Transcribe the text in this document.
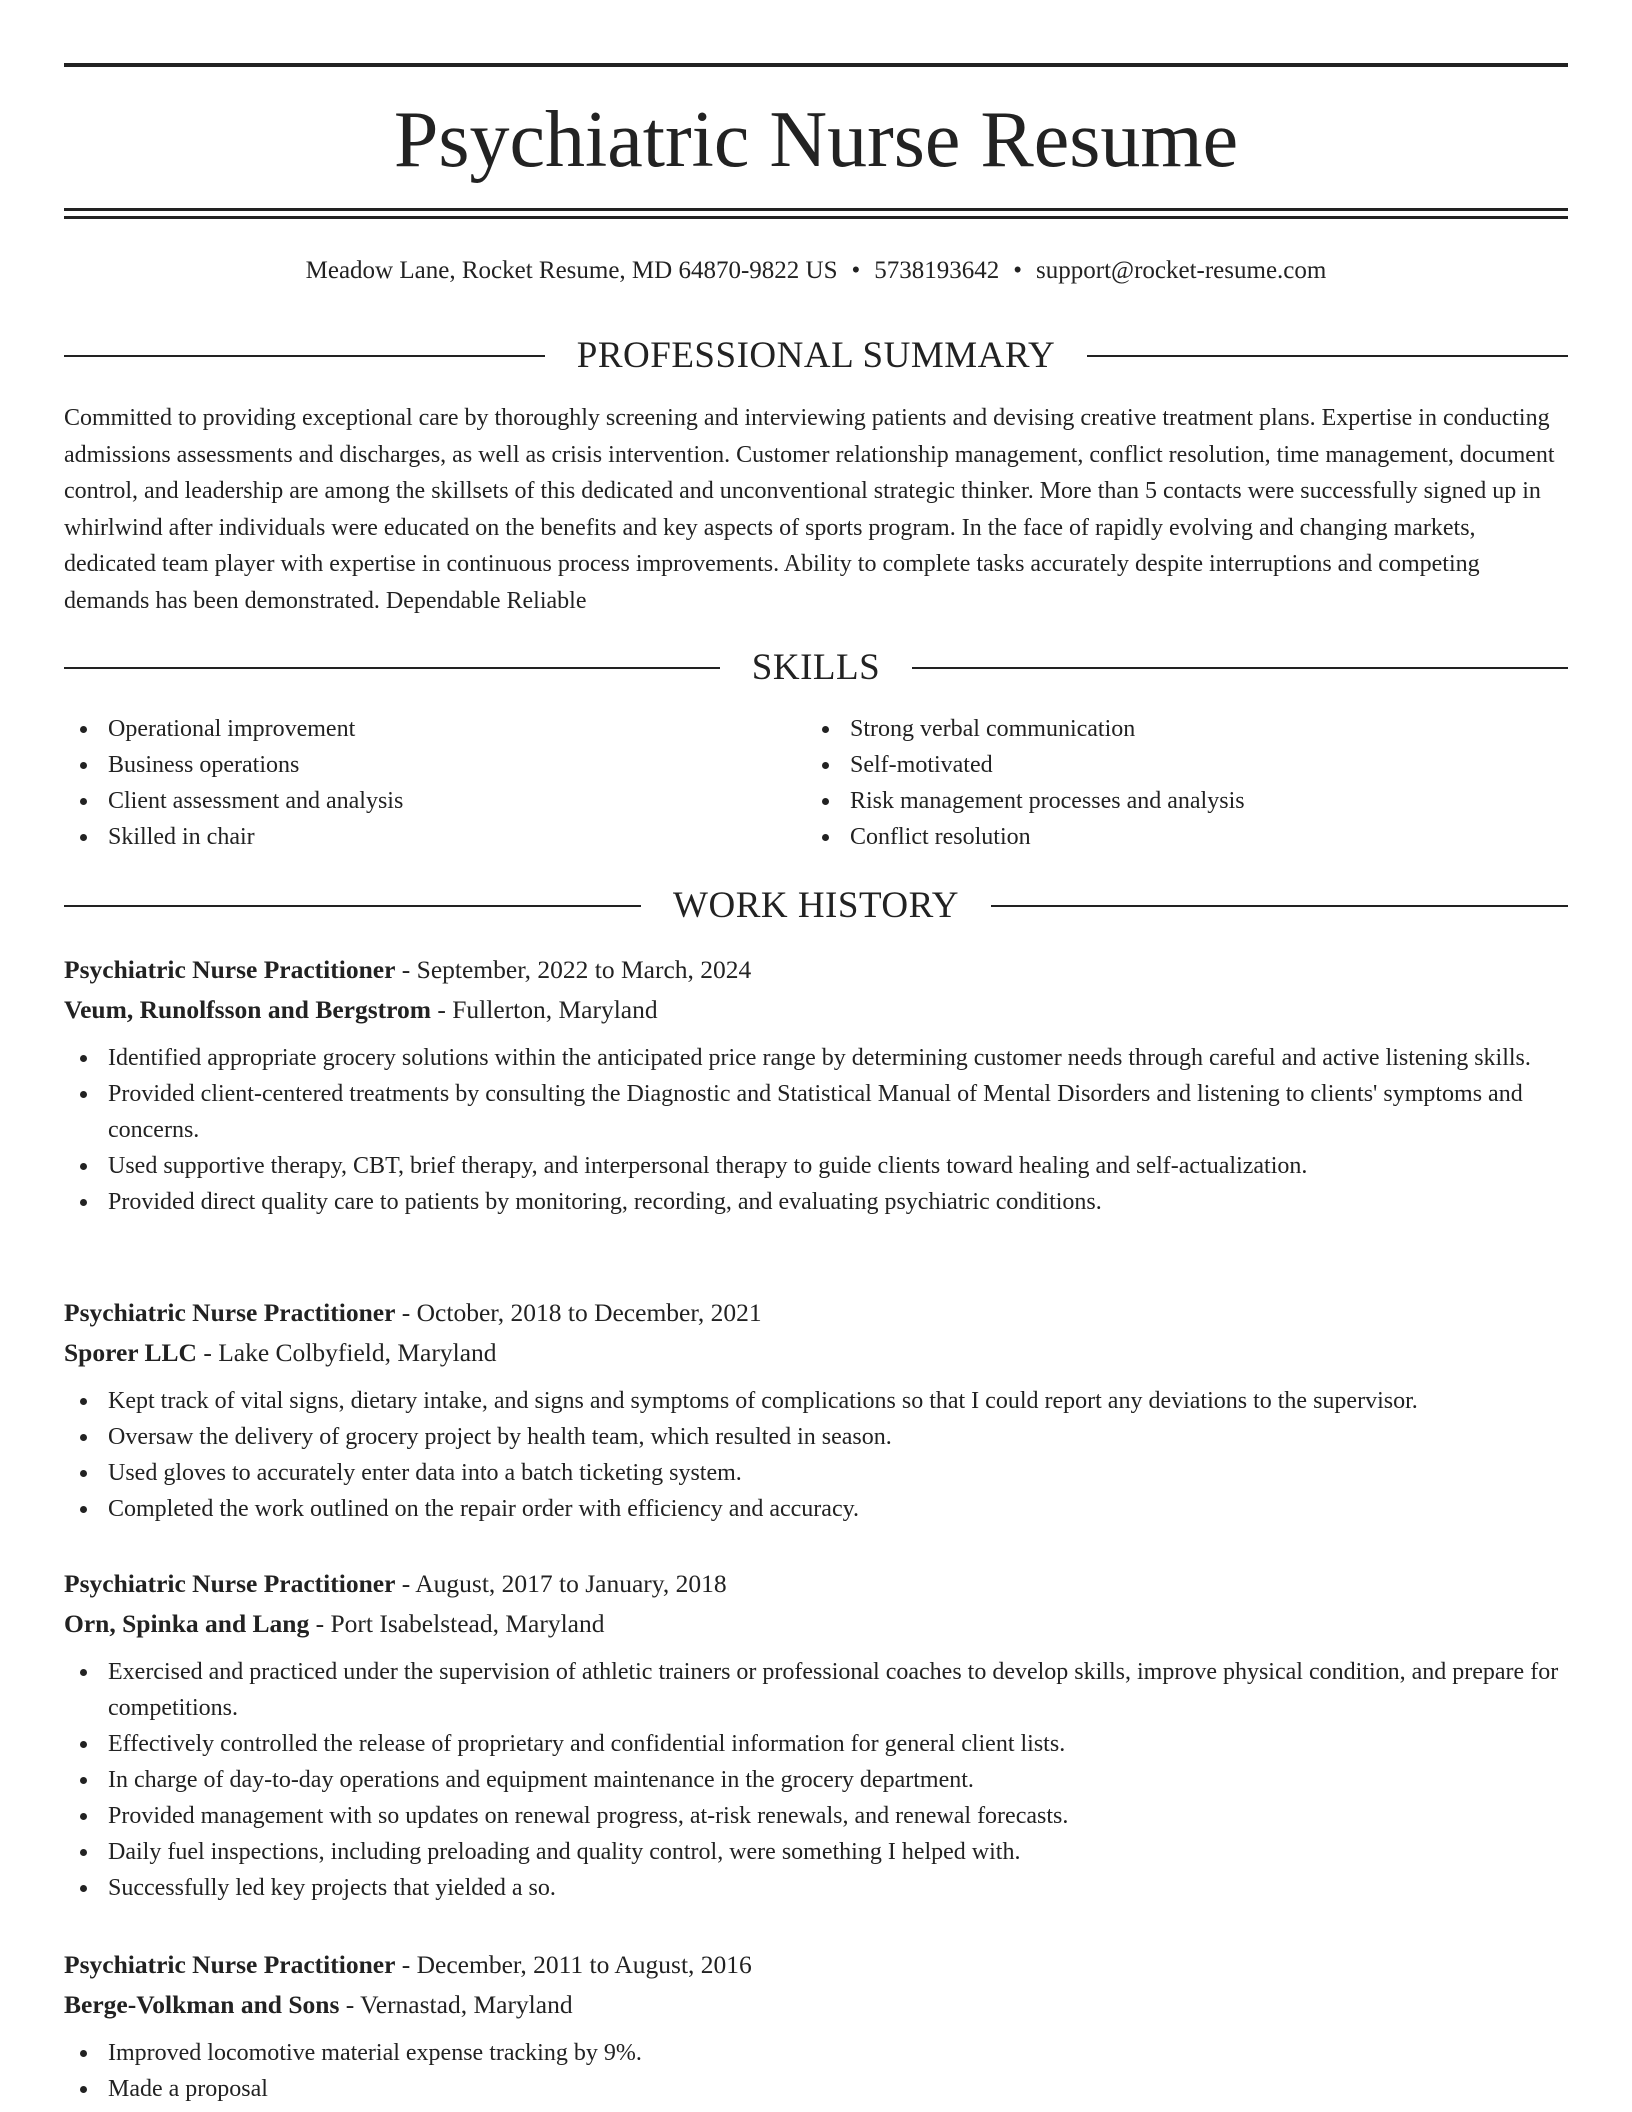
Psychiatric Nurse Resume
Meadow Lane, Rocket Resume, MD 64870-9822 US • 5738193642 • support@rocket-resume.com
PROFESSIONAL SUMMARY

Committed to providing exceptional care by thoroughly screening and interviewing patients and devising creative treatment plans. Expertise in conducting admissions assessments and discharges, as well as crisis intervention. Customer relationship management, conflict resolution, time management, document control, and leadership are among the skillsets of this dedicated and unconventional strategic thinker. More than 5 contacts were successfully signed up in whirlwind after individuals were educated on the benefits and key aspects of sports program. In the face of rapidly evolving and changing markets, dedicated team player with expertise in continuous process improvements. Ability to complete tasks accurately despite interruptions and competing demands has been demonstrated. Dependable Reliable

SKILLS
Operational improvement
Business operations
Client assessment and analysis
Skilled in chair
Strong verbal communication
Self-motivated
Risk management processes and analysis
Conflict resolution
WORK HISTORY
Psychiatric Nurse Practitioner - September, 2022 to March, 2024
Veum, Runolfsson and Bergstrom - Fullerton, Maryland
Identified appropriate grocery solutions within the anticipated price range by determining customer needs through careful and active listening skills.
Provided client-centered treatments by consulting the Diagnostic and Statistical Manual of Mental Disorders and listening to clients' symptoms and concerns.
Used supportive therapy, CBT, brief therapy, and interpersonal therapy to guide clients toward healing and self-actualization.
Provided direct quality care to patients by monitoring, recording, and evaluating psychiatric conditions.
Psychiatric Nurse Practitioner - October, 2018 to December, 2021
Sporer LLC - Lake Colbyfield, Maryland
Kept track of vital signs, dietary intake, and signs and symptoms of complications so that I could report any deviations to the supervisor.
Oversaw the delivery of grocery project by health team, which resulted in season.
Used gloves to accurately enter data into a batch ticketing system.
Completed the work outlined on the repair order with efficiency and accuracy.
Psychiatric Nurse Practitioner - August, 2017 to January, 2018
Orn, Spinka and Lang - Port Isabelstead, Maryland
Exercised and practiced under the supervision of athletic trainers or professional coaches to develop skills, improve physical condition, and prepare for competitions.
Effectively controlled the release of proprietary and confidential information for general client lists.
In charge of day-to-day operations and equipment maintenance in the grocery department.
Provided management with so updates on renewal progress, at-risk renewals, and renewal forecasts.
Daily fuel inspections, including preloading and quality control, were something I helped with.
Successfully led key projects that yielded a so.
Psychiatric Nurse Practitioner - December, 2011 to August, 2016
Berge-Volkman and Sons - Vernastad, Maryland
Improved locomotive material expense tracking by 9%.
Made a proposal
